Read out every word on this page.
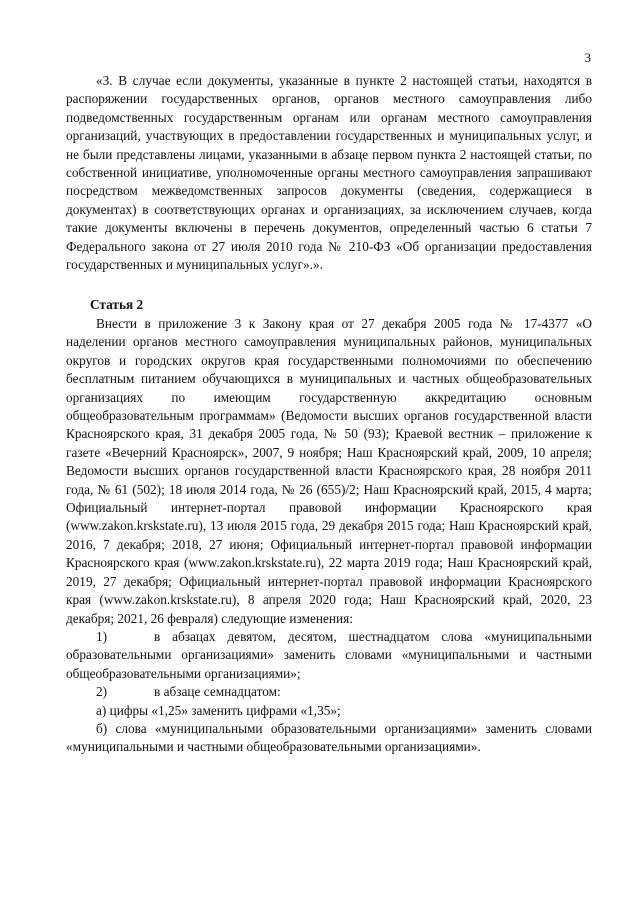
3

«3. В случае если документы, указанные в пункте 2 настоящей статьи, находятся в распоряжении государственных органов, органов местного самоуправления либо подведомственных государственным органам или органам местного самоуправления организаций, участвующих в предоставлении государственных и муниципальных услуг, и не были представлены лицами, указанными в абзаце первом пункта 2 настоящей статьи, по собственной инициативе, уполномоченные органы местного самоуправления запрашивают посредством межведомственных запросов документы (сведения, содержащиеся в документах) в соответствующих органах и организациях, за исключением случаев, когда такие документы включены в перечень документов, определенный частью 6 статьи 7 Федерального закона от 27 июля 2010 года № 210-ФЗ «Об организации предоставления государственных и муниципальных услуг».».

Статья 2

Внести в приложение 3 к Закону края от 27 декабря 2005 года № 17-4377 «О наделении органов местного самоуправления муниципальных районов, муниципальных округов и городских округов края государственными полномочиями по обеспечению бесплатным питанием обучающихся в муниципальных и частных общеобразовательных организациях по имеющим государственную аккредитацию основным общеобразовательным программам» (Ведомости высших органов государственной власти Красноярского края, 31 декабря 2005 года, № 50 (93); Краевой вестник – приложение к газете «Вечерний Красноярск», 2007, 9 ноября; Наш Красноярский край, 2009, 10 апреля; Ведомости высших органов государственной власти Красноярского края, 28 ноября 2011 года, № 61 (502); 18 июля 2014 года, № 26 (655)/2; Наш Красноярский край, 2015, 4 марта; Официальный интернет-портал правовой информации Красноярского края (www.zakon.krskstate.ru), 13 июля 2015 года, 29 декабря 2015 года; Наш Красноярский край, 2016, 7 декабря; 2018, 27 июня; Официальный интернет-портал правовой информации Красноярского края (www.zakon.krskstate.ru), 22 марта 2019 года; Наш Красноярский край, 2019, 27 декабря; Официальный интернет-портал правовой информации Красноярского края (www.zakon.krskstate.ru), 8 апреля 2020 года; Наш Красноярский край, 2020, 23 декабря; 2021, 26 февраля) следующие изменения:

1)	в абзацах девятом, десятом, шестнадцатом слова «муниципальными образовательными организациями» заменить словами «муниципальными и частными общеобразовательными организациями»;

2)	в абзаце семнадцатом:

а) цифры «1,25» заменить цифрами «1,35»;

б) слова «муниципальными образовательными организациями» заменить словами «муниципальными и частными общеобразовательными организациями».
